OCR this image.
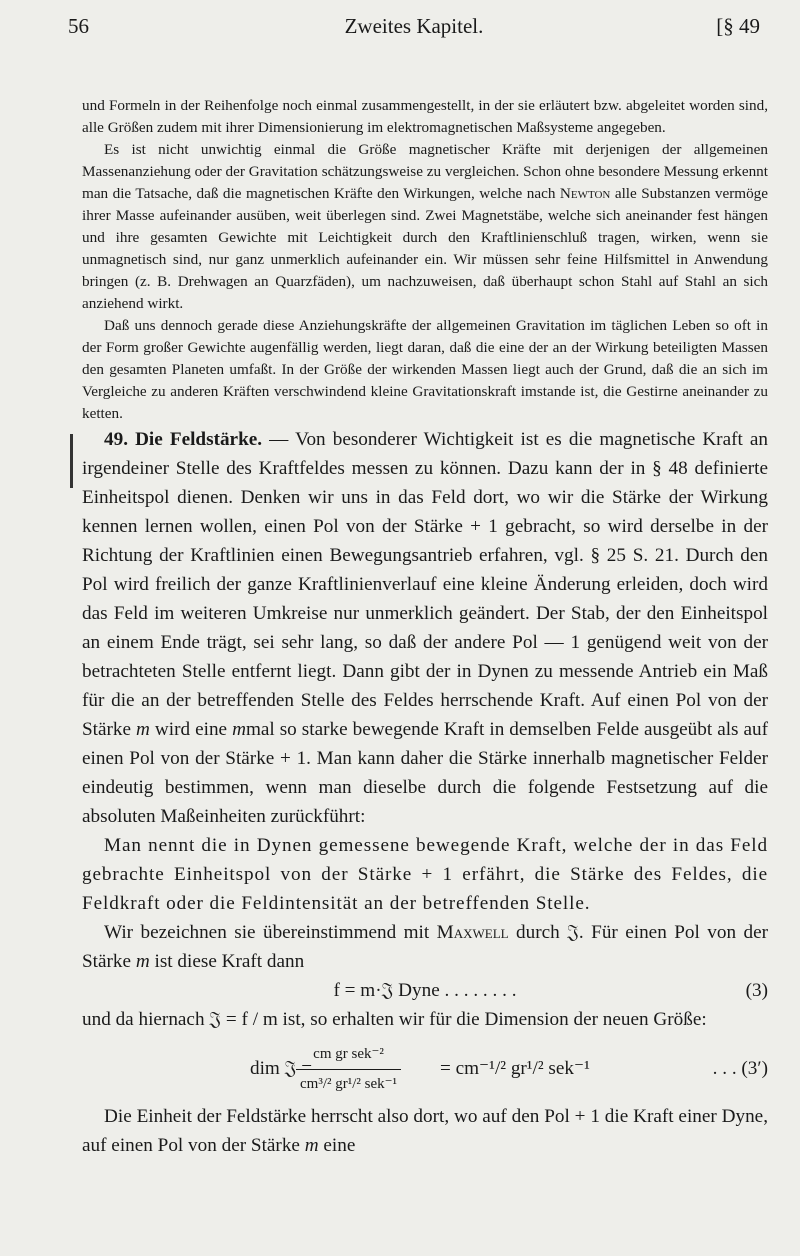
56	Zweites Kapitel.	[§ 49

und Formeln in der Reihenfolge noch einmal zusammengestellt, in der sie erläutert bzw. abgeleitet worden sind, alle Größen zudem mit ihrer Dimensionierung im elektromagnetischen Maßsysteme angegeben.

Es ist nicht unwichtig einmal die Größe magnetischer Kräfte mit derjenigen der allgemeinen Massenanziehung oder der Gravitation schätzungsweise zu vergleichen. Schon ohne besondere Messung erkennt man die Tatsache, daß die magnetischen Kräfte den Wirkungen, welche nach Newton alle Substanzen vermöge ihrer Masse aufeinander ausüben, weit überlegen sind. Zwei Magnetstäbe, welche sich aneinander fest hängen und ihre gesamten Gewichte mit Leichtigkeit durch den Kraftlinienschluß tragen, wirken, wenn sie unmagnetisch sind, nur ganz unmerklich aufeinander ein. Wir müssen sehr feine Hilfsmittel in Anwendung bringen (z. B. Drehwagen an Quarzfäden), um nachzuweisen, daß überhaupt schon Stahl auf Stahl an sich anziehend wirkt.

Daß uns dennoch gerade diese Anziehungskräfte der allgemeinen Gravitation im täglichen Leben so oft in der Form großer Gewichte augenfällig werden, liegt daran, daß die eine der an der Wirkung beteiligten Massen den gesamten Planeten umfaßt. In der Größe der wirkenden Massen liegt auch der Grund, daß die an sich im Vergleiche zu anderen Kräften verschwindend kleine Gravitationskraft imstande ist, die Gestirne aneinander zu ketten.

49. Die Feldstärke. — Von besonderer Wichtigkeit ist es die magnetische Kraft an irgendeiner Stelle des Kraftfeldes messen zu können. Dazu kann der in § 48 definierte Einheitspol dienen. Denken wir uns in das Feld dort, wo wir die Stärke der Wirkung kennen lernen wollen, einen Pol von der Stärke + 1 gebracht, so wird derselbe in der Richtung der Kraftlinien einen Bewegungsantrieb erfahren, vgl. § 25 S. 21. Durch den Pol wird freilich der ganze Kraftlinienverlauf eine kleine Änderung erleiden, doch wird das Feld im weiteren Umkreise nur unmerklich geändert. Der Stab, der den Einheitspol an einem Ende trägt, sei sehr lang, so daß der andere Pol — 1 genügend weit von der betrachteten Stelle entfernt liegt. Dann gibt der in Dynen zu messende Antrieb ein Maß für die an der betreffenden Stelle des Feldes herrschende Kraft. Auf einen Pol von der Stärke m wird eine mmal so starke bewegende Kraft in demselben Felde ausgeübt als auf einen Pol von der Stärke + 1. Man kann daher die Stärke innerhalb magnetischer Felder eindeutig bestimmen, wenn man dieselbe durch die folgende Festsetzung auf die absoluten Maßeinheiten zurückführt:

Man nennt die in Dynen gemessene bewegende Kraft, welche der in das Feld gebrachte Einheitspol von der Stärke + 1 erfährt, die Stärke des Feldes, die Feldkraft oder die Feldintensität an der betreffenden Stelle.

Wir bezeichnen sie übereinstimmend mit Maxwell durch 𝔍. Für einen Pol von der Stärke m ist diese Kraft dann

f = m·𝔍 Dyne . . . . . . . .	(3)

und da hiernach 𝔍 = f / m ist, so erhalten wir für die Dimension der neuen Größe:

dim 𝔍 =
cm gr sek⁻²
cm³/² gr¹/² sek⁻¹
= cm⁻¹/² gr¹/² sek⁻¹	. . . (3′)

Die Einheit der Feldstärke herrscht also dort, wo auf den Pol + 1 die Kraft einer Dyne, auf einen Pol von der Stärke m eine
